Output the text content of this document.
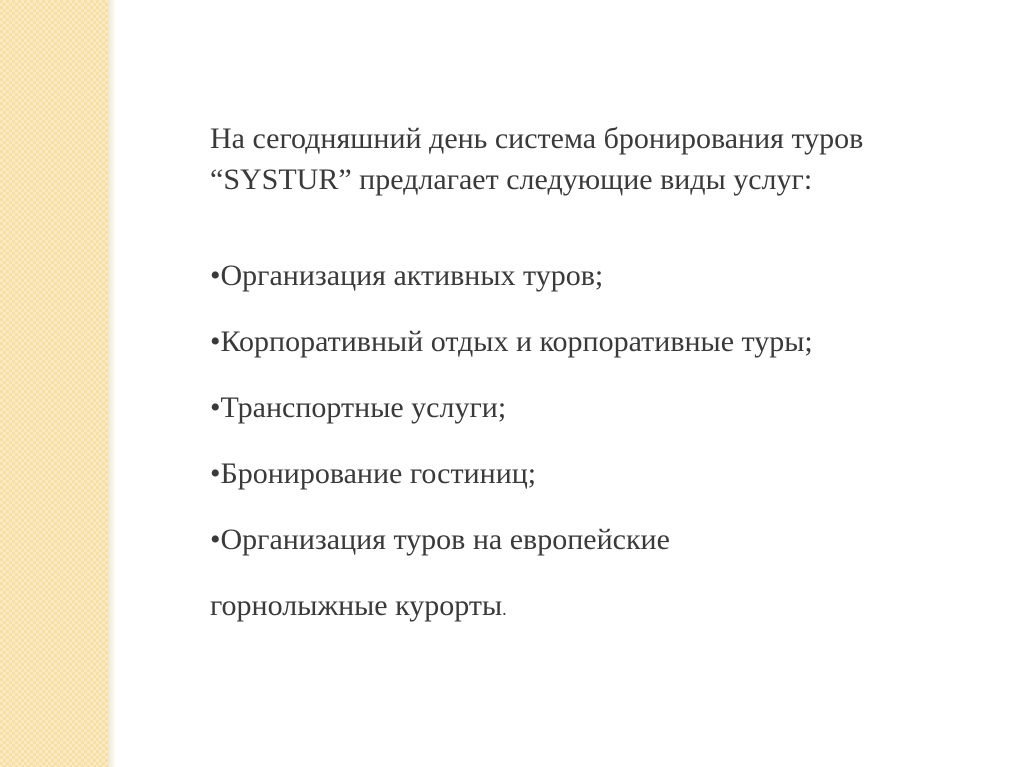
На сегодняшний день система бронирования туров “SYSTUR” предлагает следующие виды услуг:

•Организация активных туров;
•Корпоративный отдых и корпоративные туры;
•Транспортные услуги;
•Бронирование гостиниц;
•Организация туров на европейские
горнолыжные курорты.
